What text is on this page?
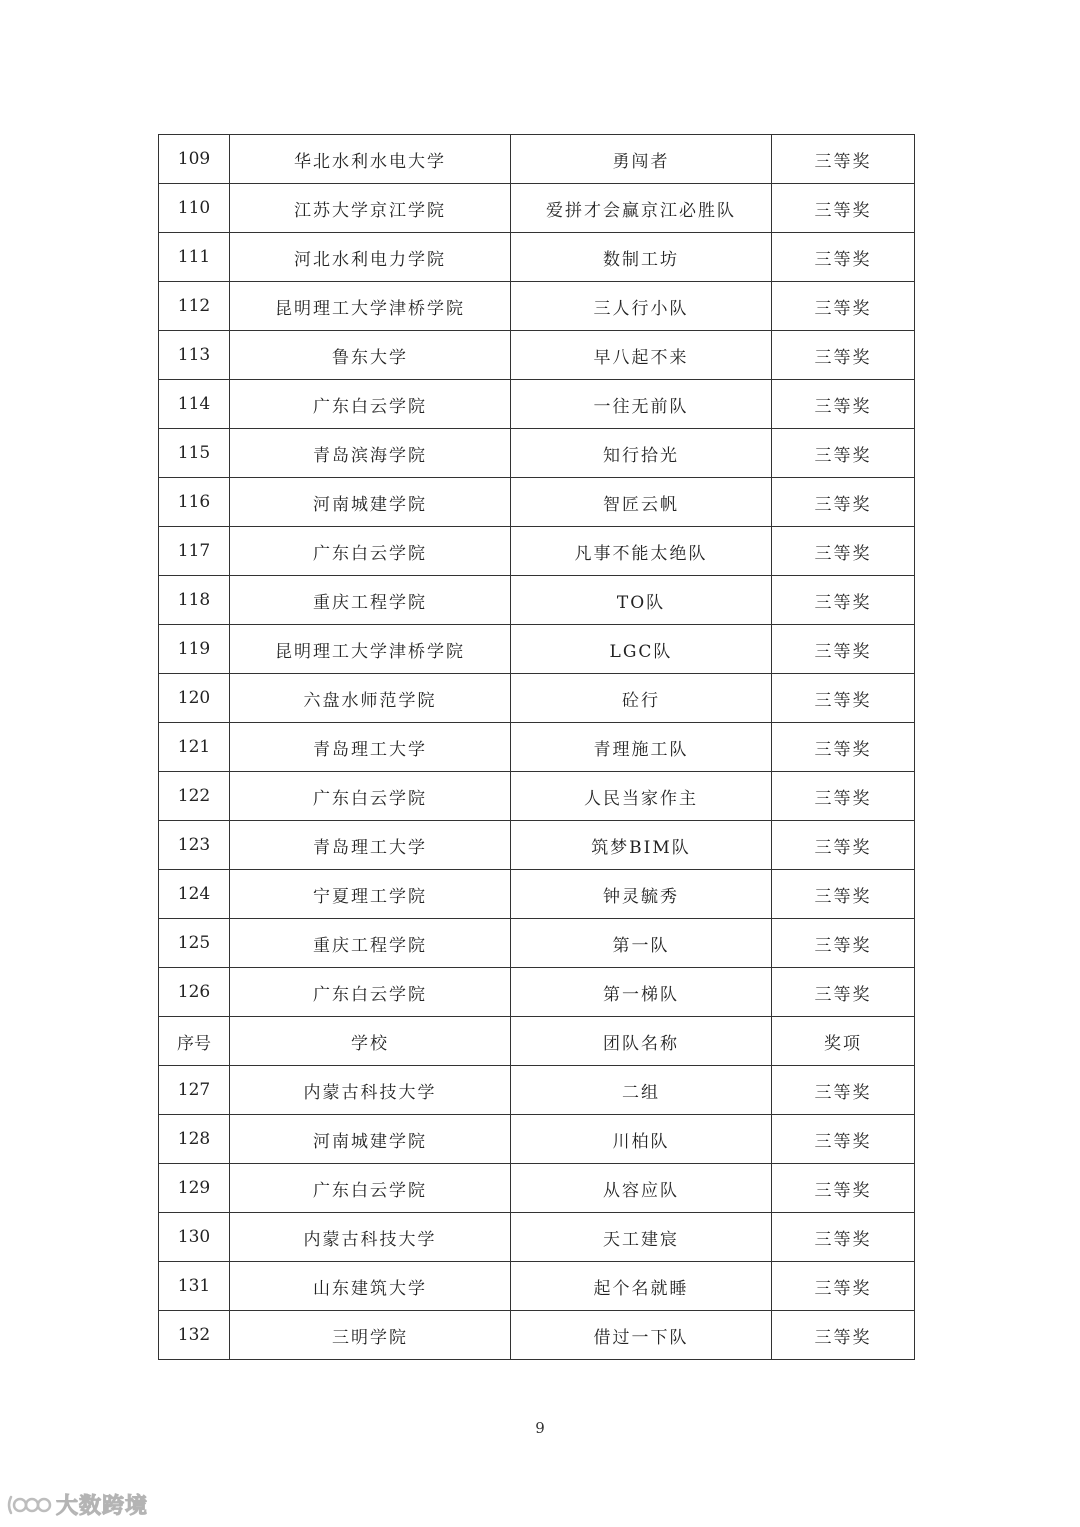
109	华北水利水电大学	勇闯者	三等奖
110	江苏大学京江学院	爱拼才会赢京江必胜队	三等奖
111	河北水利电力学院	数制工坊	三等奖
112	昆明理工大学津桥学院	三人行小队	三等奖
113	鲁东大学	早八起不来	三等奖
114	广东白云学院	一往无前队	三等奖
115	青岛滨海学院	知行拾光	三等奖
116	河南城建学院	智匠云帆	三等奖
117	广东白云学院	凡事不能太绝队	三等奖
118	重庆工程学院	TO队	三等奖
119	昆明理工大学津桥学院	LGC队	三等奖
120	六盘水师范学院	砼行	三等奖
121	青岛理工大学	青理施工队	三等奖
122	广东白云学院	人民当家作主	三等奖
123	青岛理工大学	筑梦BIM队	三等奖
124	宁夏理工学院	钟灵毓秀	三等奖
125	重庆工程学院	第一队	三等奖
126	广东白云学院	第一梯队	三等奖
序号	学校	团队名称	奖项
127	内蒙古科技大学	二组	三等奖
128	河南城建学院	川柏队	三等奖
129	广东白云学院	从容应队	三等奖
130	内蒙古科技大学	天工建宸	三等奖
131	山东建筑大学	起个名就睡	三等奖
132	三明学院	借过一下队	三等奖
9
大数跨境
